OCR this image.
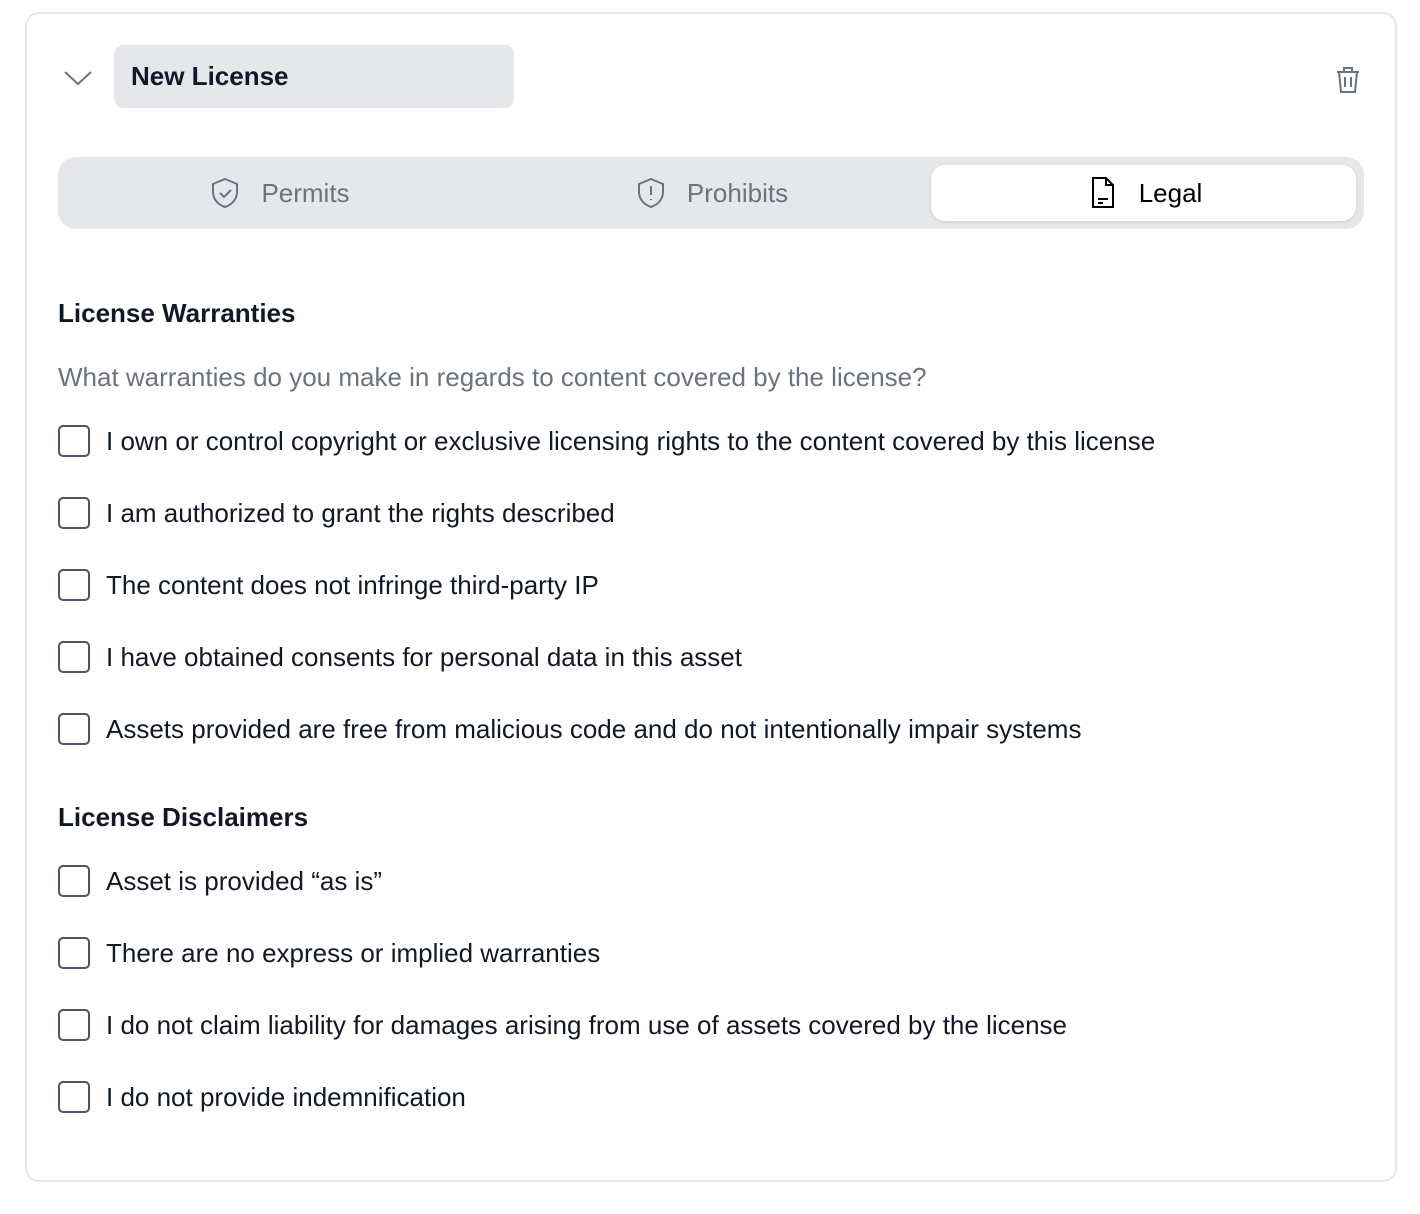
New License
Permits	Prohibits	Legal
License Warranties
What warranties do you make in regards to content covered by the license?
I own or control copyright or exclusive licensing rights to the content covered by this license
I am authorized to grant the rights described
The content does not infringe third-party IP
I have obtained consents for personal data in this asset
Assets provided are free from malicious code and do not intentionally impair systems
License Disclaimers
Asset is provided “as is”
There are no express or implied warranties
I do not claim liability for damages arising from use of assets covered by the license
I do not provide indemnification
